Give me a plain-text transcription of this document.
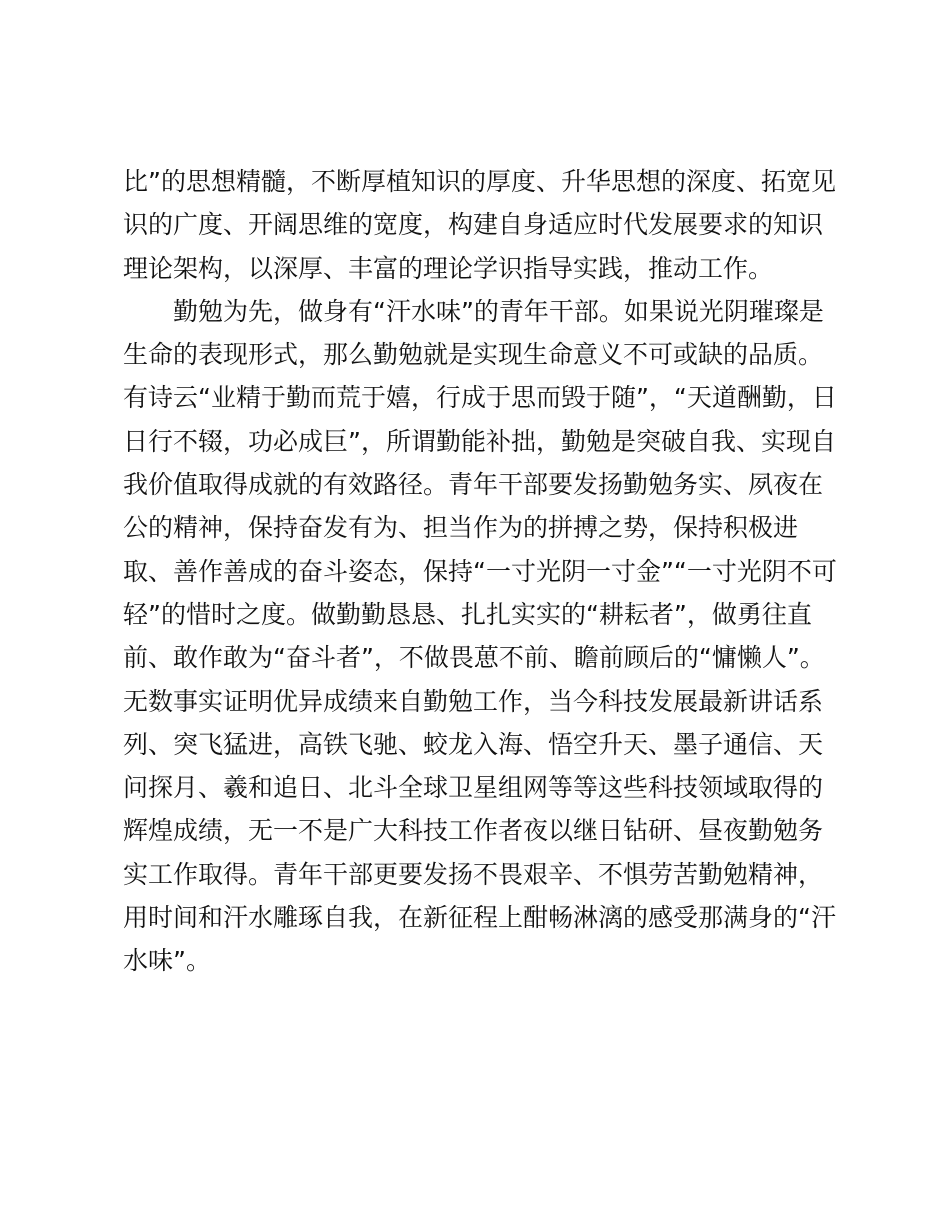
比”的思想精髓，不断厚植知识的厚度、升华思想的深度、拓宽见
识的广度、开阔思维的宽度，构建自身适应时代发展要求的知识
理论架构，以深厚、丰富的理论学识指导实践，推动工作。
　　勤勉为先，做身有“汗水味”的青年干部。如果说光阴璀璨是
生命的表现形式，那么勤勉就是实现生命意义不可或缺的品质。
有诗云“业精于勤而荒于嬉，行成于思而毁于随”，“天道酬勤，日
日行不辍，功必成巨”，所谓勤能补拙，勤勉是突破自我、实现自
我价值取得成就的有效路径。青年干部要发扬勤勉务实、夙夜在
公的精神，保持奋发有为、担当作为的拼搏之势，保持积极进
取、善作善成的奋斗姿态，保持“一寸光阴一寸金”“一寸光阴不可
轻”的惜时之度。做勤勤恳恳、扎扎实实的“耕耘者”，做勇往直
前、敢作敢为“奋斗者”，不做畏葸不前、瞻前顾后的“慵懒人”。
无数事实证明优异成绩来自勤勉工作，当今科技发展最新讲话系
列、突飞猛进，高铁飞驰、蛟龙入海、悟空升天、墨子通信、天
问探月、羲和追日、北斗全球卫星组网等等这些科技领域取得的
辉煌成绩，无一不是广大科技工作者夜以继日钻研、昼夜勤勉务
实工作取得。青年干部更要发扬不畏艰辛、不惧劳苦勤勉精神，
用时间和汗水雕琢自我，在新征程上酣畅淋漓的感受那满身的“汗
水味”。
